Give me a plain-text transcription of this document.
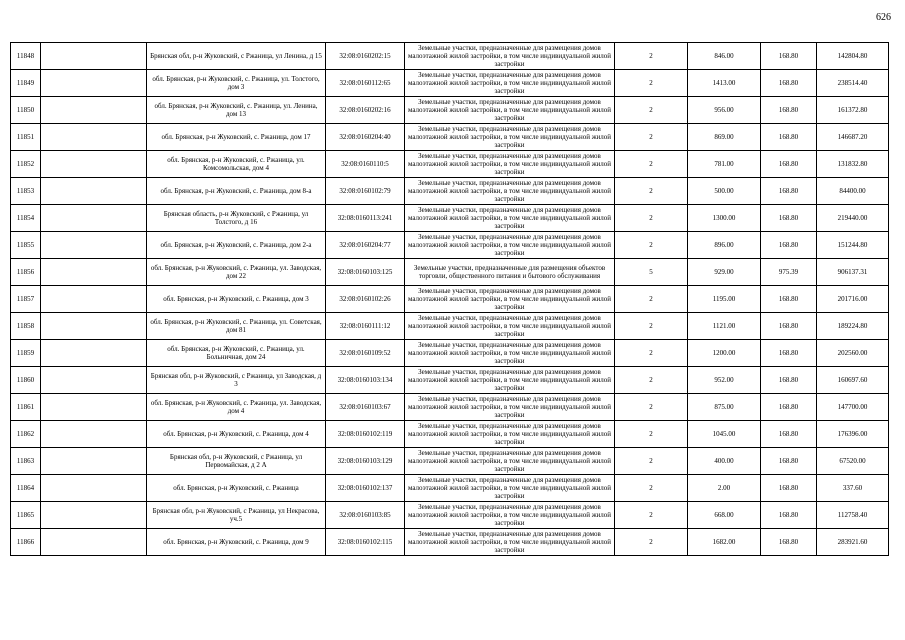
626
11848		Брянская обл, р-н Жуковский, с Ржаница, ул Ленина, д 15	32:08:0160202:15	Земельные участки, предназначенные для размещения домов малоэтажной жилой застройки, в том числе индивидуальной жилой застройки	2	846.00	168.80	142804.80
11849		обл. Брянская, р-н Жуковский, с. Ржаница, ул. Толстого, дом 3	32:08:0160112:65	Земельные участки, предназначенные для размещения домов малоэтажной жилой застройки, в том числе индивидуальной жилой застройки	2	1413.00	168.80	238514.40
11850		обл. Брянская, р-н Жуковский, с. Ржаница, ул. Ленина, дом 13	32:08:0160202:16	Земельные участки, предназначенные для размещения домов малоэтажной жилой застройки, в том числе индивидуальной жилой застройки	2	956.00	168.80	161372.80
11851		обл. Брянская, р-н Жуковский, с. Ржаница, дом 17	32:08:0160204:40	Земельные участки, предназначенные для размещения домов малоэтажной жилой застройки, в том числе индивидуальной жилой застройки	2	869.00	168.80	146687.20
11852		обл. Брянская, р-н Жуковский, с. Ржаница, ул. Комсомольская, дом 4	32:08:0160110:5	Земельные участки, предназначенные для размещения домов малоэтажной жилой застройки, в том числе индивидуальной жилой застройки	2	781.00	168.80	131832.80
11853		обл. Брянская, р-н Жуковский, с. Ржаница, дом 8-а	32:08:0160102:79	Земельные участки, предназначенные для размещения домов малоэтажной жилой застройки, в том числе индивидуальной жилой застройки	2	500.00	168.80	84400.00
11854		Брянская область, р-н Жуковский, с Ржаница, ул Толстого, д 16	32:08:0160113:241	Земельные участки, предназначенные для размещения домов малоэтажной жилой застройки, в том числе индивидуальной жилой застройки	2	1300.00	168.80	219440.00
11855		обл. Брянская, р-н Жуковский, с. Ржаница, дом 2-а	32:08:0160204:77	Земельные участки, предназначенные для размещения домов малоэтажной жилой застройки, в том числе индивидуальной жилой застройки	2	896.00	168.80	151244.80
11856		обл. Брянская, р-н Жуковский, с. Ржаница, ул. Заводская, дом 22	32:08:0160103:125	Земельные участки, предназначенные для размещения объектов торговли, общественного питания и бытового обслуживания	5	929.00	975.39	906137.31
11857		обл. Брянская, р-н Жуковский, с. Ржаница, дом 3	32:08:0160102:26	Земельные участки, предназначенные для размещения домов малоэтажной жилой застройки, в том числе индивидуальной жилой застройки	2	1195.00	168.80	201716.00
11858		обл. Брянская, р-н Жуковский, с. Ржаница, ул. Советская, дом 81	32:08:0160111:12	Земельные участки, предназначенные для размещения домов малоэтажной жилой застройки, в том числе индивидуальной жилой застройки	2	1121.00	168.80	189224.80
11859		обл. Брянская, р-н Жуковский, с. Ржаница, ул. Больничная, дом 24	32:08:0160109:52	Земельные участки, предназначенные для размещения домов малоэтажной жилой застройки, в том числе индивидуальной жилой застройки	2	1200.00	168.80	202560.00
11860		Брянская обл, р-н Жуковский, с Ржаница, ул Заводская, д 3	32:08:0160103:134	Земельные участки, предназначенные для размещения домов малоэтажной жилой застройки, в том числе индивидуальной жилой застройки	2	952.00	168.80	160697.60
11861		обл. Брянская, р-н Жуковский, с. Ржаница, ул. Заводская, дом 4	32:08:0160103:67	Земельные участки, предназначенные для размещения домов малоэтажной жилой застройки, в том числе индивидуальной жилой застройки	2	875.00	168.80	147700.00
11862		обл. Брянская, р-н Жуковский, с. Ржаница, дом 4	32:08:0160102:119	Земельные участки, предназначенные для размещения домов малоэтажной жилой застройки, в том числе индивидуальной жилой застройки	2	1045.00	168.80	176396.00
11863		Брянская обл, р-н Жуковский, с Ржаница, ул Первомайская, д 2 А	32:08:0160103:129	Земельные участки, предназначенные для размещения домов малоэтажной жилой застройки, в том числе индивидуальной жилой застройки	2	400.00	168.80	67520.00
11864		обл. Брянская, р-н Жуковский, с. Ржаница	32:08:0160102:137	Земельные участки, предназначенные для размещения домов малоэтажной жилой застройки, в том числе индивидуальной жилой застройки	2	2.00	168.80	337.60
11865		Брянская обл, р-н Жуковский, с Ржаница, ул Некрасова, уч.5	32:08:0160103:85	Земельные участки, предназначенные для размещения домов малоэтажной жилой застройки, в том числе индивидуальной жилой застройки	2	668.00	168.80	112758.40
11866		обл. Брянская, р-н Жуковский, с. Ржаница, дом 9	32:08:0160102:115	Земельные участки, предназначенные для размещения домов малоэтажной жилой застройки, в том числе индивидуальной жилой застройки	2	1682.00	168.80	283921.60
